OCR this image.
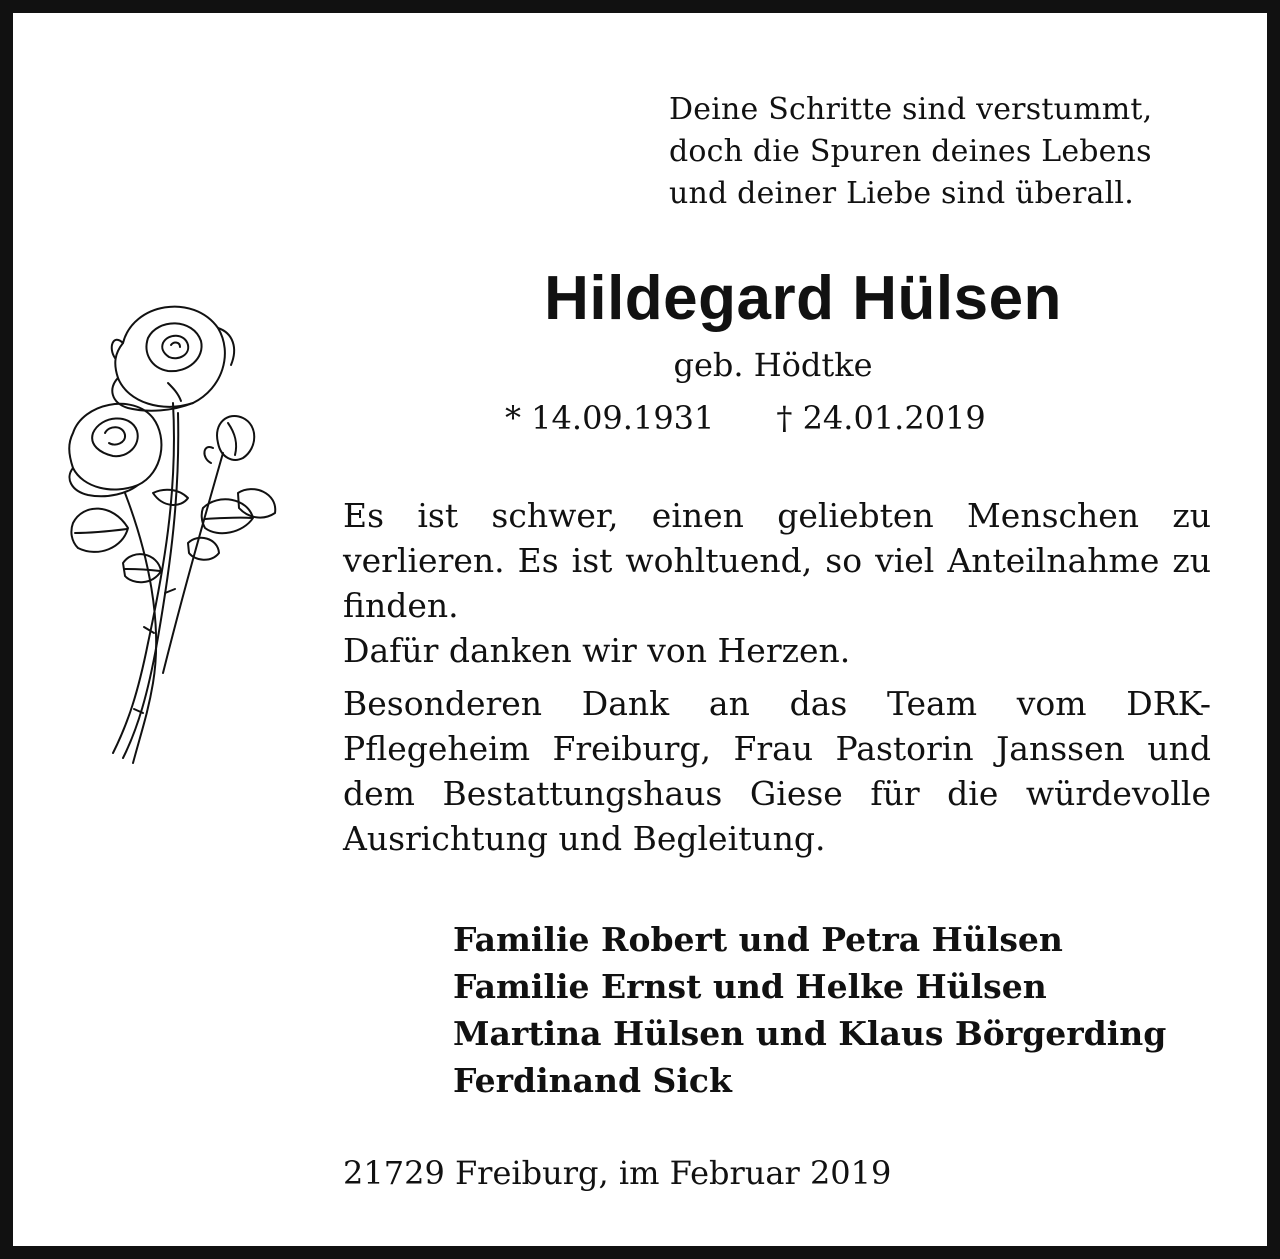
Deine Schritte sind verstummt,
doch die Spuren deines Lebens
und deiner Liebe sind überall.
Hildegard Hülsen
geb. Hödtke
* 14.09.1931 † 24.01.2019
Es ist schwer, einen geliebten Menschen zu verlieren. Es ist wohltuend, so viel Anteilnahme zu finden.
Dafür danken wir von Herzen.
Besonderen Dank an das Team vom DRK-Pflegeheim Freiburg, Frau Pastorin Janssen und dem Bestattungshaus Giese für die würdevolle Ausrichtung und Begleitung.
Familie Robert und Petra Hülsen
Familie Ernst und Helke Hülsen
Martina Hülsen und Klaus Börgerding
Ferdinand Sick
21729 Freiburg, im Februar 2019
